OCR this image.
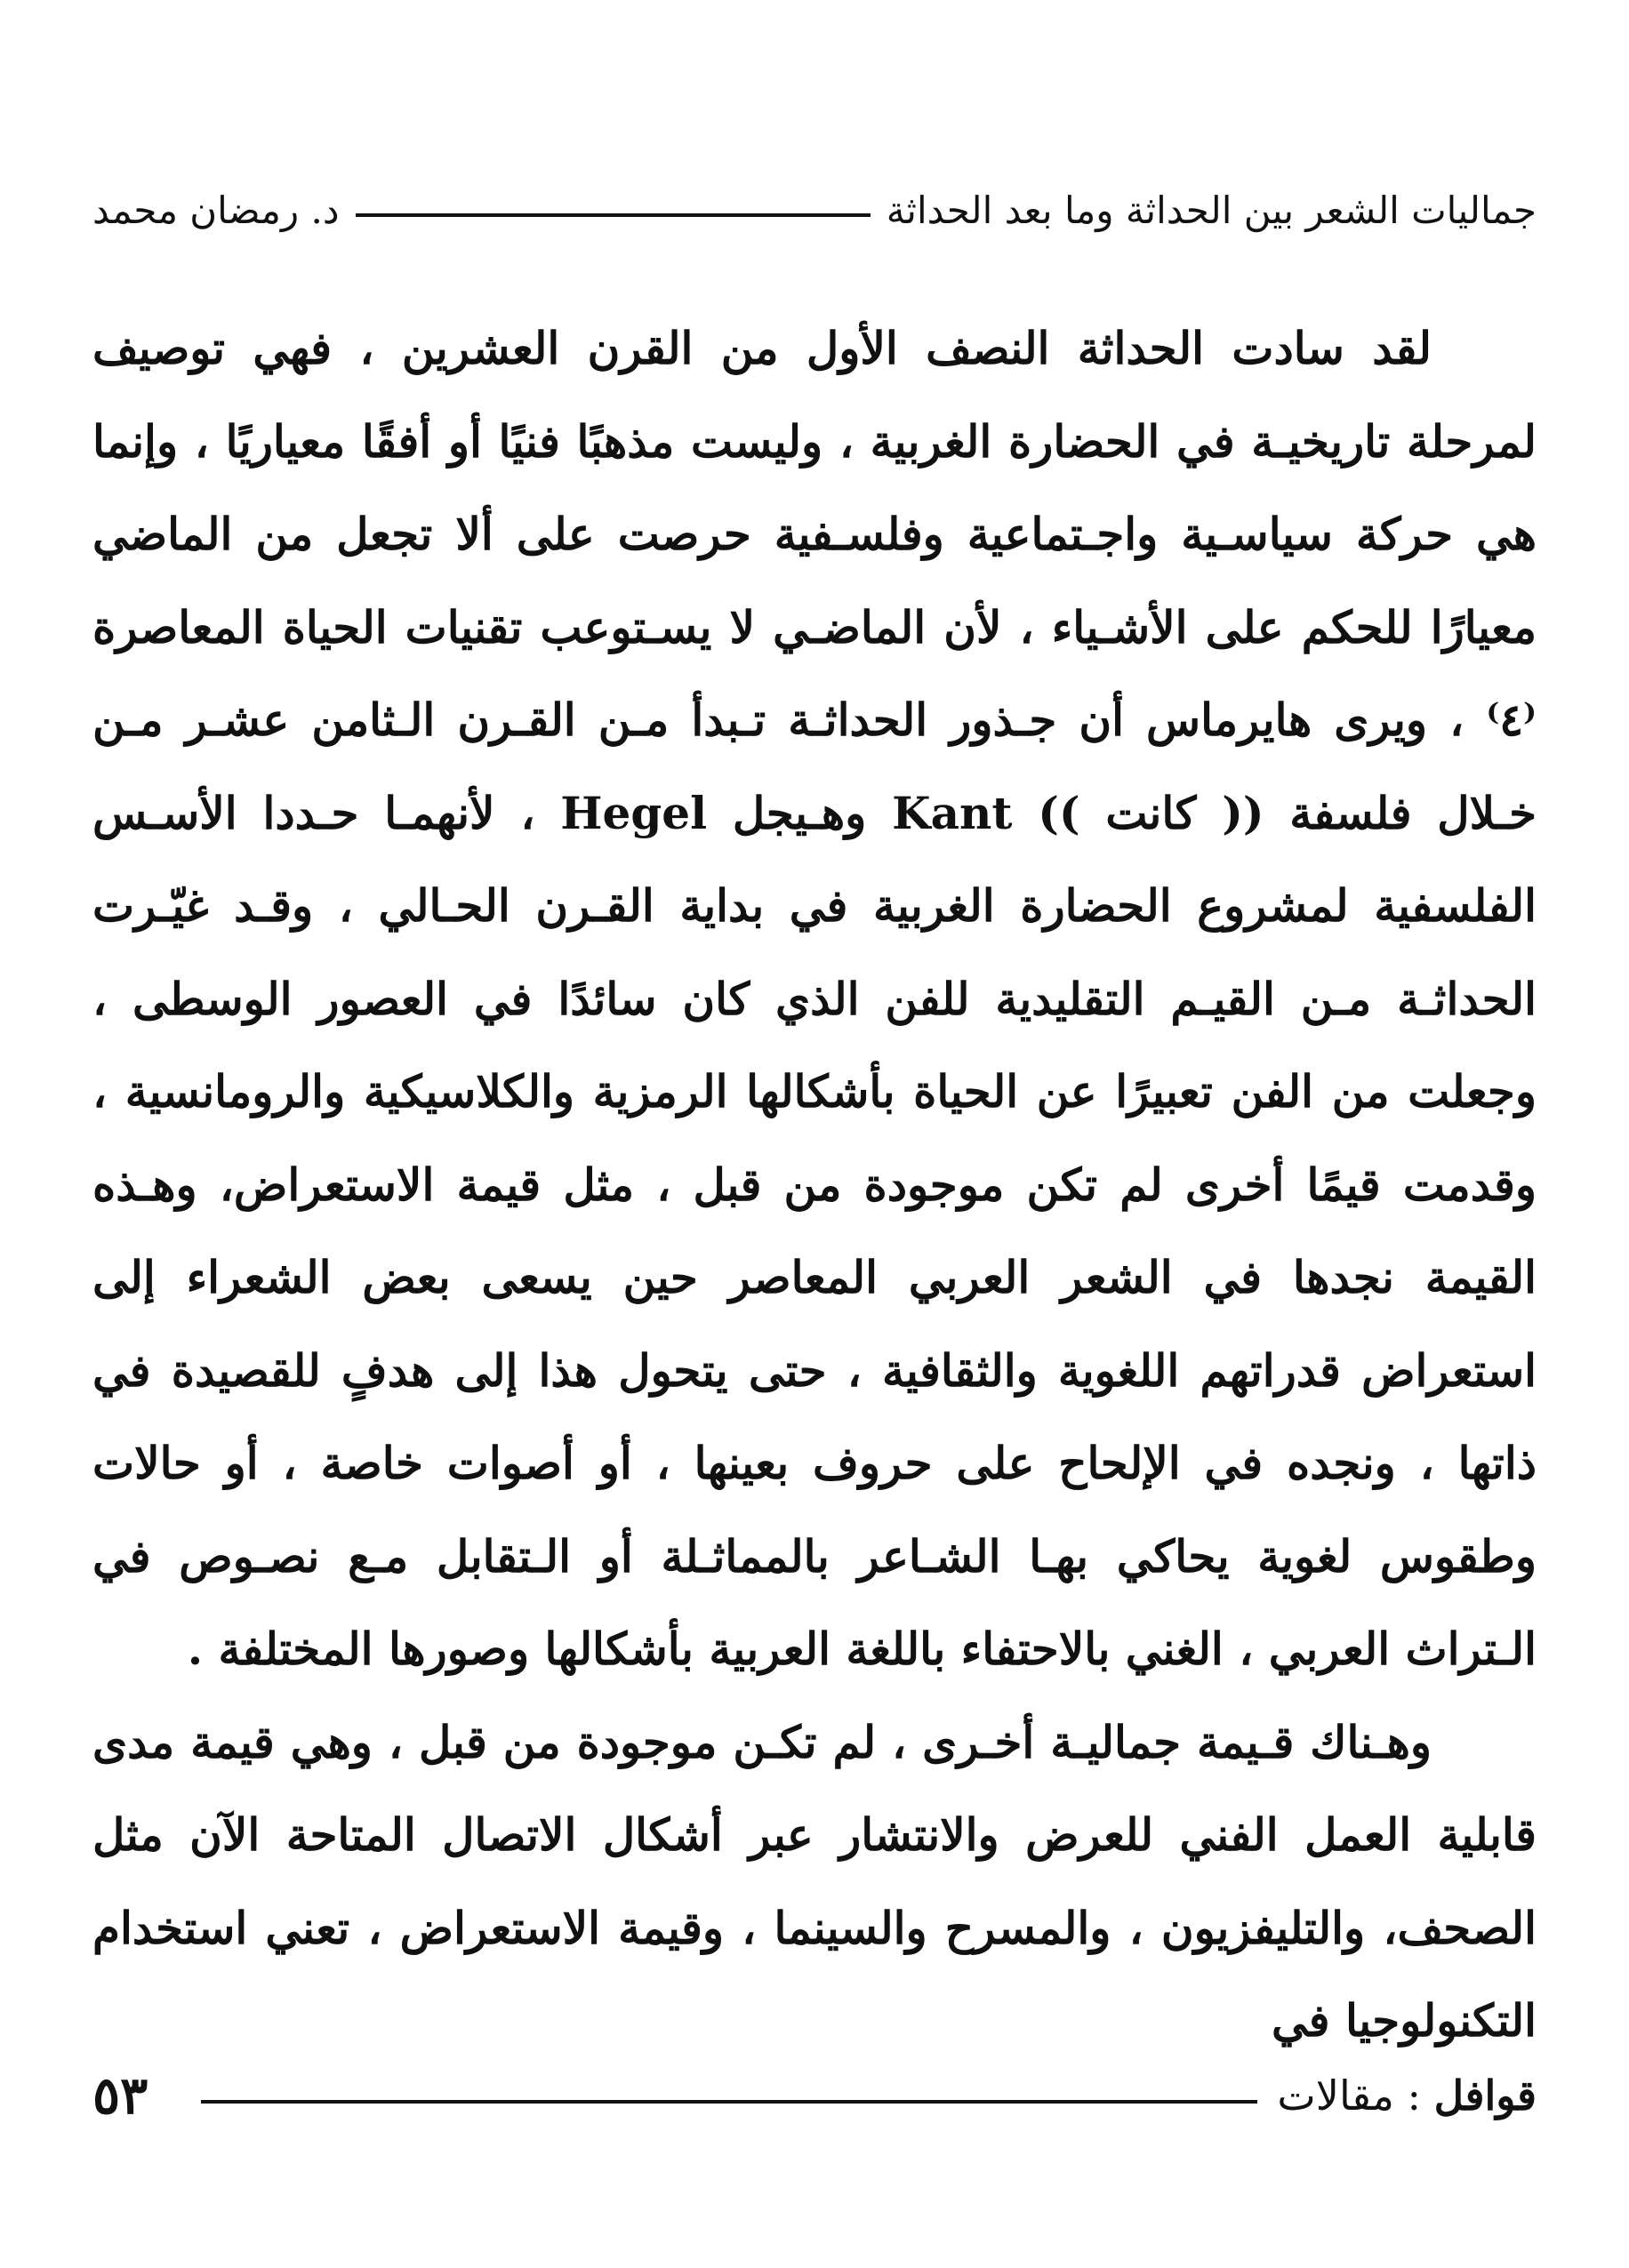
جماليات الشعر بين الحداثة وما بعد الحداثة
د. رمضان محمد

لقد سادت الحداثة النصف الأول من القرن العشرين ، فهي توصيف لمرحلة تاريخيـة في الحضارة الغربية ، وليست مذهبًا فنيًا أو أفقًا معياريًا ، وإنما هي حركة سياسـية واجـتماعية وفلسـفية حرصت على ألا تجعل من الماضي معيارًا للحكم على الأشـياء ، لأن الماضـي لا يسـتوعب تقنيات الحياة المعاصرة ⁽٤⁾ ، ويرى هايرماس أن جـذور الحداثـة تـبدأ مـن القـرن الـثامن عشـر مـن خـلال فلسفة (( كانت )) Kant وهـيجل Hegel ، لأنهمـا حـددا الأسـس الفلسفية لمشروع الحضارة الغربية في بداية القـرن الحـالي ، وقـد غيّـرت الحداثـة مـن القيـم التقليدية للفن الذي كان سائدًا في العصور الوسطى ، وجعلت من الفن تعبيرًا عن الحياة بأشكالها الرمزية والكلاسيكية والرومانسية ، وقدمت قيمًا أخرى لم تكن موجودة من قبل ، مثل قيمة الاستعراض، وهـذه القيمة نجدها في الشعر العربي المعاصر حين يسعى بعض الشعراء إلى استعراض قدراتهم اللغوية والثقافية ، حتى يتحول هذا إلى هدفٍ للقصيدة في ذاتها ، ونجده في الإلحاح على حروف بعينها ، أو أصوات خاصة ، أو حالات وطقوس لغوية يحاكي بهـا الشـاعر بالمماثـلة أو الـتقابل مـع نصـوص في الـتراث العربي ، الغني بالاحتفاء باللغة العربية بأشكالها وصورها المختلفة .

وهـناك قـيمة جماليـة أخـرى ، لم تكـن موجودة من قبل ، وهي قيمة مدى قابلية العمل الفني للعرض والانتشار عبر أشكال الاتصال المتاحة الآن مثل الصحف، والتليفزيون ، والمسرح والسينما ، وقيمة الاستعراض ، تعني استخدام التكنولوجيا في

قوافل : مقالات
٥٣
